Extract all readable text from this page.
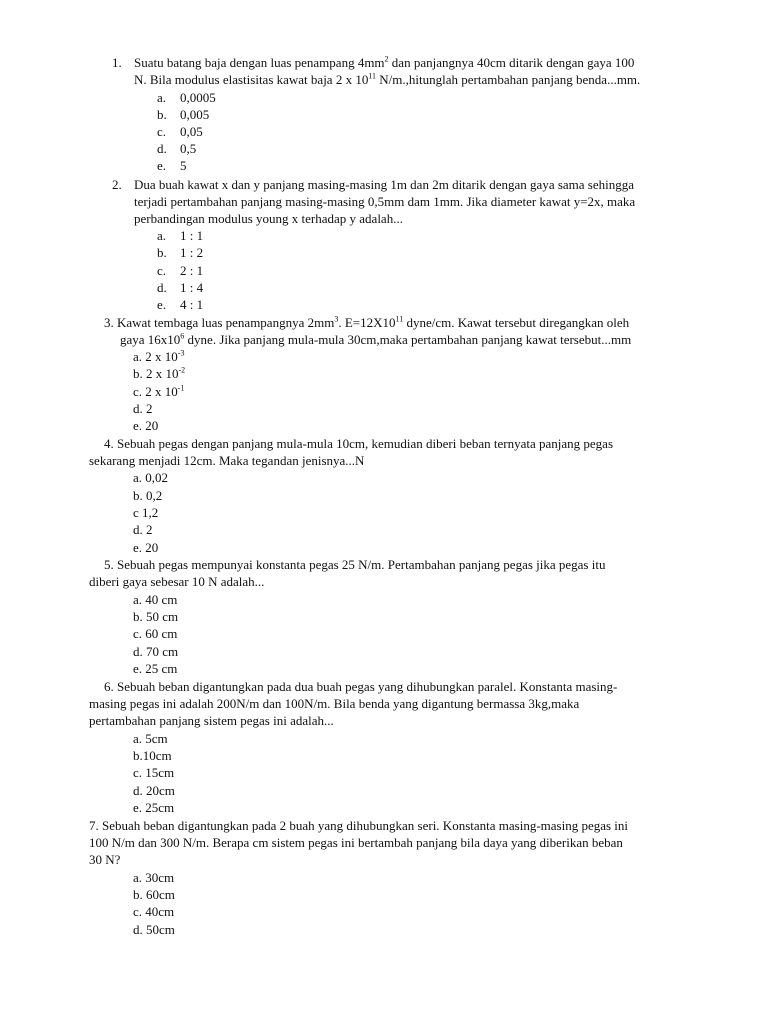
1. Suatu batang baja dengan luas penampang $4mm^2$ dan panjangnya 40cm ditarik dengan gaya 100
N. Bila modulus elastisitas kawat baja 2 x $10^{11}$ N/m.,hitunglah pertambahan panjang benda...mm.
a. 0,0005
b. 0,005
c. 0,05
d. 0,5
e. 5
2. Dua buah kawat x dan y panjang masing-masing 1m dan 2m ditarik dengan gaya sama sehingga
terjadi pertambahan panjang masing-masing 0,5mm dam 1mm. Jika diameter kawat y=2x, maka
perbandingan modulus young x terhadap y adalah...
a. 1 : 1
b. 1 : 2
c. 2 : 1
d. 1 : 4
e. 4 : 1
3. Kawat tembaga luas penampangnya $2mm^3$. $E=12X10^{11}$ dyne/cm. Kawat tersebut diregangkan oleh
gaya $16x10^6$ dyne. Jika panjang mula-mula 30cm,maka pertambahan panjang kawat tersebut...mm
a. 2 x $10^{-3}$
b. 2 x $10^{-2}$
c. 2 x $10^{-1}$
d. 2
e. 20
4. Sebuah pegas dengan panjang mula-mula 10cm, kemudian diberi beban ternyata panjang pegas
sekarang menjadi 12cm. Maka tegandan jenisnya...N
a. 0,02
b. 0,2
c 1,2
d. 2
e. 20
5. Sebuah pegas mempunyai konstanta pegas 25 N/m. Pertambahan panjang pegas jika pegas itu
diberi gaya sebesar 10 N adalah...
a. 40 cm
b. 50 cm
c. 60 cm
d. 70 cm
e. 25 cm
6. Sebuah beban digantungkan pada dua buah pegas yang dihubungkan paralel. Konstanta masing-
masing pegas ini adalah 200N/m dan 100N/m. Bila benda yang digantung bermassa 3kg,maka
pertambahan panjang sistem pegas ini adalah...
a. 5cm
b.10cm
c. 15cm
d. 20cm
e. 25cm
7. Sebuah beban digantungkan pada 2 buah yang dihubungkan seri. Konstanta masing-masing pegas ini
100 N/m dan 300 N/m. Berapa cm sistem pegas ini bertambah panjang bila daya yang diberikan beban
30 N?
a. 30cm
b. 60cm
c. 40cm
d. 50cm
